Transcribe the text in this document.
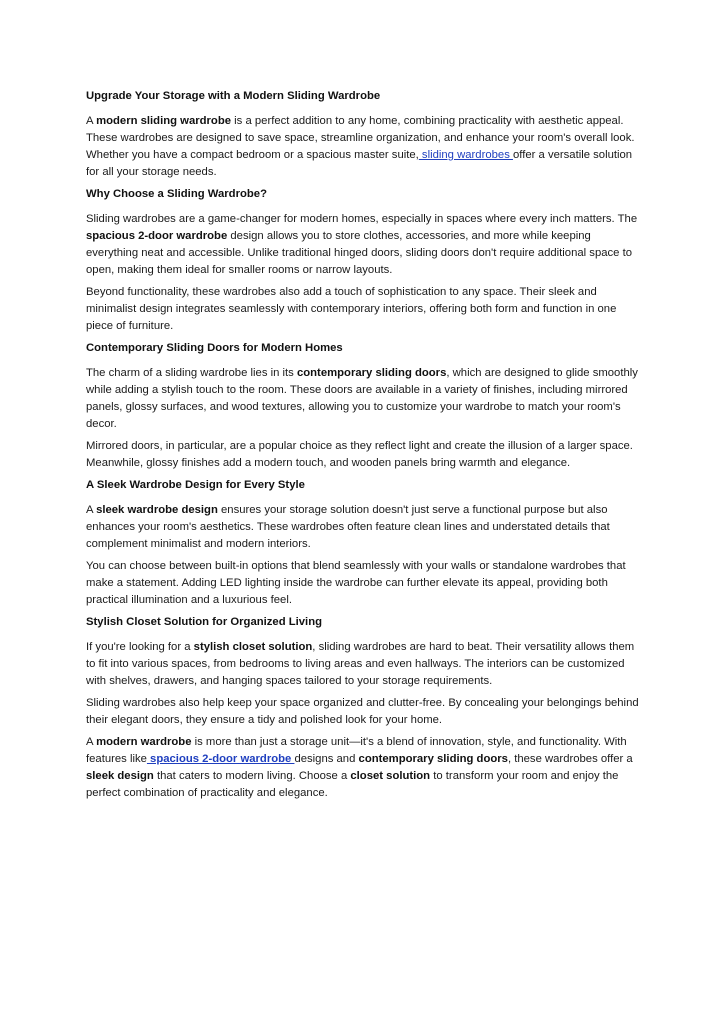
Upgrade Your Storage with a Modern Sliding Wardrobe

A modern sliding wardrobe is a perfect addition to any home, combining practicality with aesthetic appeal. These wardrobes are designed to save space, streamline organization, and enhance your room's overall look. Whether you have a compact bedroom or a spacious master suite, sliding wardrobes offer a versatile solution for all your storage needs.

Why Choose a Sliding Wardrobe?

Sliding wardrobes are a game-changer for modern homes, especially in spaces where every inch matters. The spacious 2-door wardrobe design allows you to store clothes, accessories, and more while keeping everything neat and accessible. Unlike traditional hinged doors, sliding doors don't require additional space to open, making them ideal for smaller rooms or narrow layouts.

Beyond functionality, these wardrobes also add a touch of sophistication to any space. Their sleek and minimalist design integrates seamlessly with contemporary interiors, offering both form and function in one piece of furniture.

Contemporary Sliding Doors for Modern Homes

The charm of a sliding wardrobe lies in its contemporary sliding doors, which are designed to glide smoothly while adding a stylish touch to the room. These doors are available in a variety of finishes, including mirrored panels, glossy surfaces, and wood textures, allowing you to customize your wardrobe to match your room's decor.

Mirrored doors, in particular, are a popular choice as they reflect light and create the illusion of a larger space. Meanwhile, glossy finishes add a modern touch, and wooden panels bring warmth and elegance.

A Sleek Wardrobe Design for Every Style

A sleek wardrobe design ensures your storage solution doesn't just serve a functional purpose but also enhances your room's aesthetics. These wardrobes often feature clean lines and understated details that complement minimalist and modern interiors.

You can choose between built-in options that blend seamlessly with your walls or standalone wardrobes that make a statement. Adding LED lighting inside the wardrobe can further elevate its appeal, providing both practical illumination and a luxurious feel.

Stylish Closet Solution for Organized Living

If you're looking for a stylish closet solution, sliding wardrobes are hard to beat. Their versatility allows them to fit into various spaces, from bedrooms to living areas and even hallways. The interiors can be customized with shelves, drawers, and hanging spaces tailored to your storage requirements.

Sliding wardrobes also help keep your space organized and clutter-free. By concealing your belongings behind their elegant doors, they ensure a tidy and polished look for your home.

A modern wardrobe is more than just a storage unit—it's a blend of innovation, style, and functionality. With features like spacious 2-door wardrobe designs and contemporary sliding doors, these wardrobes offer a sleek design that caters to modern living. Choose a closet solution to transform your room and enjoy the perfect combination of practicality and elegance.
